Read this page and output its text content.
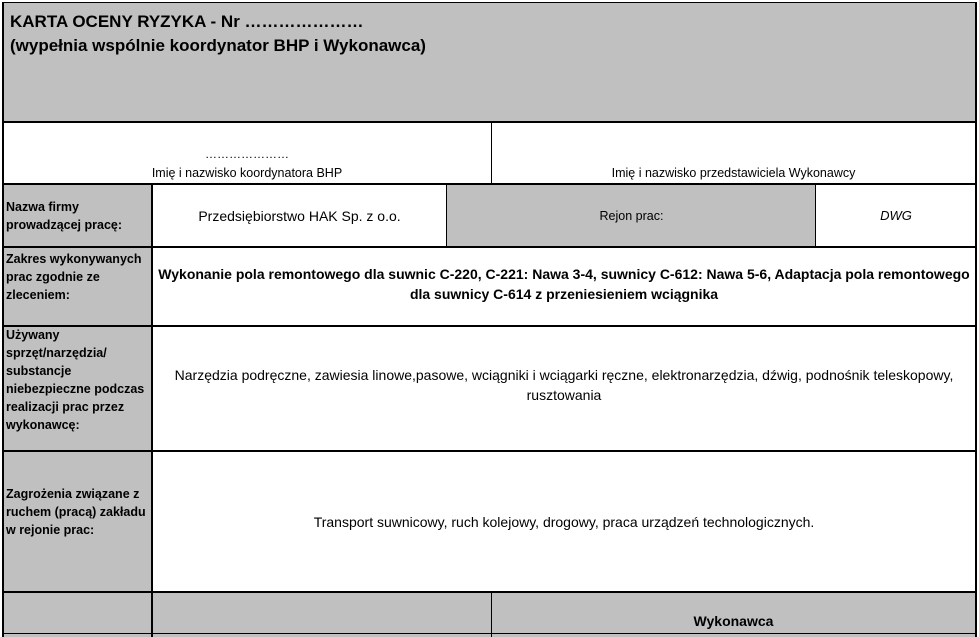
KARTA OCENY RYZYKA - Nr …………………
(wypełnia wspólnie koordynator BHP i Wykonawca)
…………………
Imię i nazwisko koordynatora BHP	Imię i nazwisko przedstawiciela Wykonawcy
Nazwa firmy prowadzącej pracę:
Przedsiębiorstwo HAK Sp. z o.o.	Rejon prac:	DWG
Zakres wykonywanych prac zgodnie ze zleceniem:
Wykonanie pola remontowego dla suwnic C-220, C-221: Nawa 3-4, suwnicy C-612: Nawa 5-6, Adaptacja pola remontowego dla suwnicy C-614 z przeniesieniem wciągnika
Używany sprzęt/narzędzia/ substancje niebezpieczne podczas realizacji prac przez wykonawcę:
Narzędzia podręczne, zawiesia linowe,pasowe, wciągniki i wciągarki ręczne, elektronarzędzia, dźwig, podnośnik teleskopowy, rusztowania
Zagrożenia związane z ruchem (pracą) zakładu w rejonie prac:
Transport suwnicowy, ruch kolejowy, drogowy, praca urządzeń technologicznych.
Wykonawca
